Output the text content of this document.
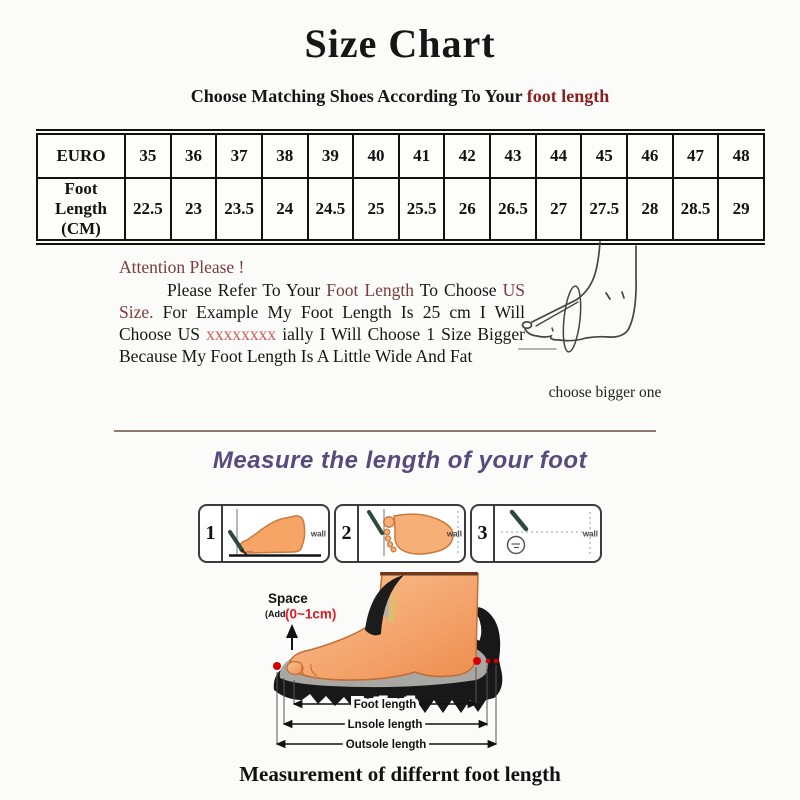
Size Chart
Choose Matching Shoes According To Your foot length
EURO	35	36	37	38	39	40	41	42	43	44	45	46	47	48
Foot Length (CM)	22.5	23	23.5	24	24.5	25	25.5	26	26.5	27	27.5	28	28.5	29
Attention Please !

Please Refer To Your Foot Length To Choose US Size. For Example My Foot Length Is 25 cm I Will Choose US xxxxxxxx ially I Will Choose 1 Size Bigger Because My Foot Length Is A Little Wide And Fat

choose bigger one
Measure the length of your foot
1	wall 2	wall 3	wall
Space
(Add (0~1cm)
Foot length
Lnsole length
Outsole length
Measurement of differnt foot length
